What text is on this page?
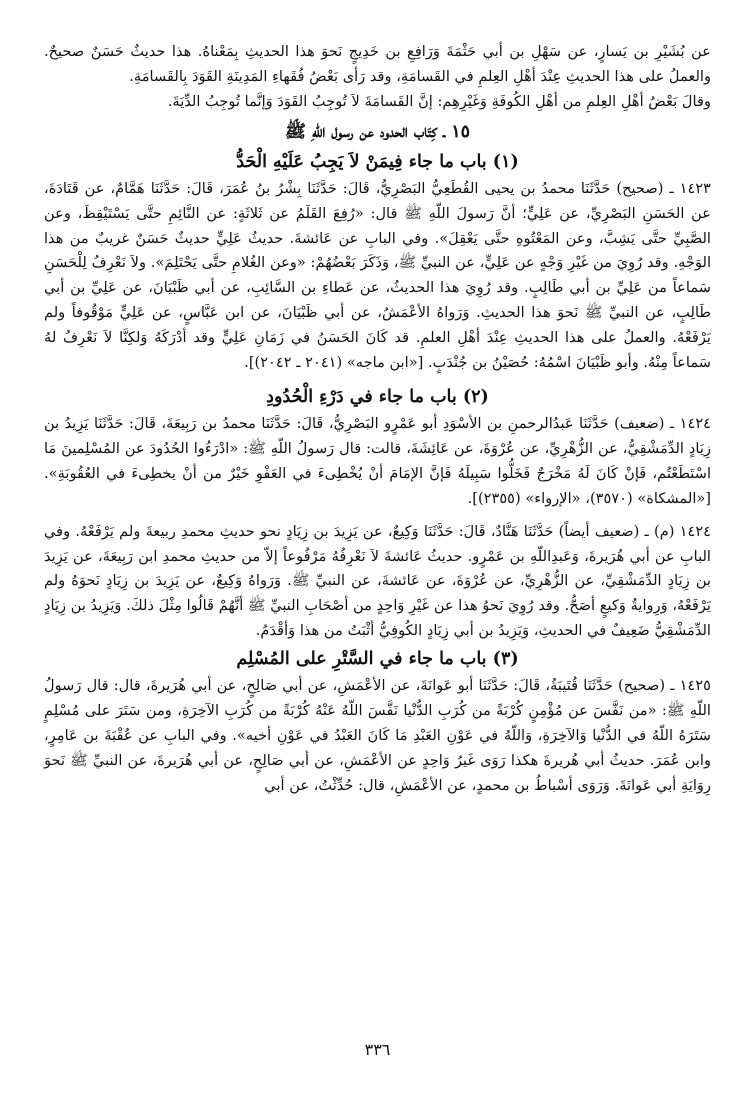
عن بُشَيْرِ بن يَسارٍ، عن سَهْلِ بن أبي حَثْمَةَ وَرَافِعِ بن خَدِيجٍ نَحوَ هذا الحديثِ بِمَعْناهُ. هذا حديثٌ حَسَنٌ صحيحٌ. والعملُ على هذا الحديثِ عِنْدَ أهْلِ العِلمِ في القَسامَةِ، وقد رَأى بَعْضُ فُقَهاءِ المَدِينَةِ القَوَدَ بِالقَسامَةِ.

وقالَ بَعْضُ أهْلِ العِلمِ من أهْلِ الكُوفَةِ وَغَيْرِهِم: إنَّ القَسامَةَ لاَ تُوجِبُ القَوَدَ وَإنَّما تُوجِبُ الدِّيَةَ.

١٥ ـ كِتَاب الحدود عن رسول اللّهِ ﷺ
(١) باب ما جاء فِيمَنْ لاَ يَجِبُ عَلَيْهِ الْحَدُّ

١٤٢٣ ـ (صحيح) حَدَّثَنَا محمدُ بن يحيى القُطَعِيُّ البَصْرِيُّ، قَالَ: حَدَّثَنَا بِشْرُ بنُ عُمَرَ، قَالَ: حَدَّثَنَا هَمَّامٌ، عن قَتَادَةَ، عن الحَسَنِ البَصْرِيِّ، عن عَلِيٍّ؛ أنَّ رَسولَ اللّهِ ﷺ قال: «رُفِعَ القَلَمُ عن ثَلاثَةٍ: عن النَّائِمِ حتَّى يَسْتَيْقِظَ، وعن الصَّبِيِّ حتَّى يَشِبَّ، وعن المَعْتُوهِ حتَّى يَعْقِلَ». وفي البابِ عن عَائشةَ. حديثُ عَلِيٍّ حديثٌ حَسَنٌ غريبٌ من هذا الوَجْهِ. وقد رُوِيَ من غَيْرِ وَجْهٍ عن عَلِيٍّ، عن النبيِّ ﷺ، وَذَكَرَ بَعْضُهُمْ: «وعن الغُلامِ حتَّى يَحْتَلِمَ». ولاَ نَعْرِفُ لِلْحَسَنِ سَماعاً من عَلِيِّ بن أبي طَالِبٍ. وقد رُوِيَ هذا الحديثُ، عن عَطاءِ بن السَّائِبِ، عن أبي ظَبْيَانَ، عن عَلِيِّ بن أبي طَالِبٍ، عن النبيِّ ﷺ نَحوَ هذا الحديثِ. وَرَواهُ الأعْمَشُ، عن أبي ظَبْيَانَ، عن ابن عَبَّاسٍ، عن عَلِيٍّ مَوْقُوفاً ولم يَرْفَعْهُ. والعملُ على هذا الحديثِ عِنْدَ أهْلِ العلمِ. قد كَانَ الحَسَنُ في زَمَانِ عَلِيٍّ وقد أدْرَكَهُ وَلكِنَّا لاَ نَعْرِفُ لهُ سَماعاً مِنْهُ. وأبو ظَبْيَانَ اسْمُهُ: حُصَيْنُ بن جُنْدَبٍ. [«ابن ماجه» (٢٠٤١ ـ ٢٠٤٢)].

(٢) باب ما جاء في دَرْءِ الْحُدُودِ

١٤٢٤ ـ (ضعيف) حَدَّثَنَا عَبدُالرحمنِ بن الأسْوَدِ أبو عَمْرٍو البَصْرِيُّ، قَالَ: حَدَّثَنَا محمدُ بن رَبِيعَةَ، قَالَ: حَدَّثَنَا يَزِيدُ بن زِيَادٍ الدِّمَشْقِيُّ، عن الزُّهْرِيِّ، عن عُرْوَةَ، عن عَائِشَةَ، قالت: قال رَسولُ اللّهِ ﷺ: «ادْرَءُوا الحُدُودَ عن المُسْلِمينَ مَا اسْتَطَعْتُم، فَإنْ كَانَ لَهُ مَخْرَجٌ فَخَلُّوا سَبِيلَهُ فَإنَّ الإمَامَ أنْ يُخْطِىءَ في العَفْوِ خَيْرٌ من أنْ يخطِىءَ في العُقُوبَةِ». [«المشكاة» (٣٥٧٠)، «الإرواء» (٢٣٥٥)].

١٤٢٤ (م) ـ (ضعيف أيضاً) حَدَّثَنَا هَنَّادٌ، قَالَ: حَدَّثَنَا وَكِيعٌ، عن يَزِيدَ بن زِيَادٍ نحو حديثِ محمدِ ربيعةَ ولم يَرْفَعْهُ. وفي البابِ عن أبي هُرَيرةَ، وَعَبدِاللّهِ بن عَمْرٍو. حديثُ عَائشةَ لاَ نَعْرِفُهُ مَرْفُوعاً إلاّ من حديثِ محمدِ ابن رَبِيعَةَ، عن يَزِيدَ بن زِيَادٍ الدِّمَشْقِيِّ، عن الزُّهْرِيِّ، عن عُرْوَةَ، عن عَائشةَ، عن النبيِّ ﷺ. وَرَواهُ وَكِيعٌ، عن يَزِيدَ بن زِيَادٍ نَحوَهُ ولم يَرْفَعْهُ، وَرِوايةُ وَكيعٍ أصَحُّ. وقد رُوِيَ نَحوُ هذا عن غَيْرِ وَاحِدٍ من أصْحَابِ النبيِّ ﷺ أنَّهُمْ قَالُوا مِثْلَ ذلكَ. وَيَزِيدُ بن زِيَادٍ الدِّمَشْقِيُّ ضَعِيفٌ في الحديثِ، وَيَزِيدُ بن أبي زِيَادٍ الكُوفِيُّ أثْبَتُ من هذا وَأقْدَمُ.

(٣) باب ما جاء في السَّتْرِ على المُسْلِم

١٤٢٥ ـ (صحيح) حَدَّثَنَا قُتَيبَةُ، قَالَ: حَدَّثَنَا أبو عَوانَةَ، عن الأعْمَشِ، عن أبي صَالِحٍ، عن أبي هُرَيرةَ، قال: قال رَسولُ اللّهِ ﷺ: «من نَفَّسَ عن مُؤْمِنٍ كُرْبَةً من كُرَبِ الدُّنْيا نَفَّسَ اللّهُ عَنْهُ كُرْبَةً من كُرَبِ الآخِرَةِ، ومن سَتَرَ على مُسْلِمٍ سَتَرَهُ اللّهُ في الدُّنْيا وَالآخِرَةِ، وَاللّهُ في عَوْنِ العَبْدِ مَا كَانَ العَبْدُ في عَوْنِ أخيه». وفي البابِ عن عُقْبَةَ بن عَامِرٍ، وابن عُمَرَ. حديثُ أبي هُريرةَ هكذا رَوَى غَيرُ وَاحِدٍ عن الأعْمَشِ، عن أبي صَالِحٍ، عن أبي هُرَيرةَ، عن النبيِّ ﷺ نَحوَ رِوَايَةِ أبي عَوانَةَ. وَرَوَى أسْباطُ بن محمدٍ، عن الأعْمَشِ، قال: حُدِّثْتُ، عن أبي

٣٣٦
